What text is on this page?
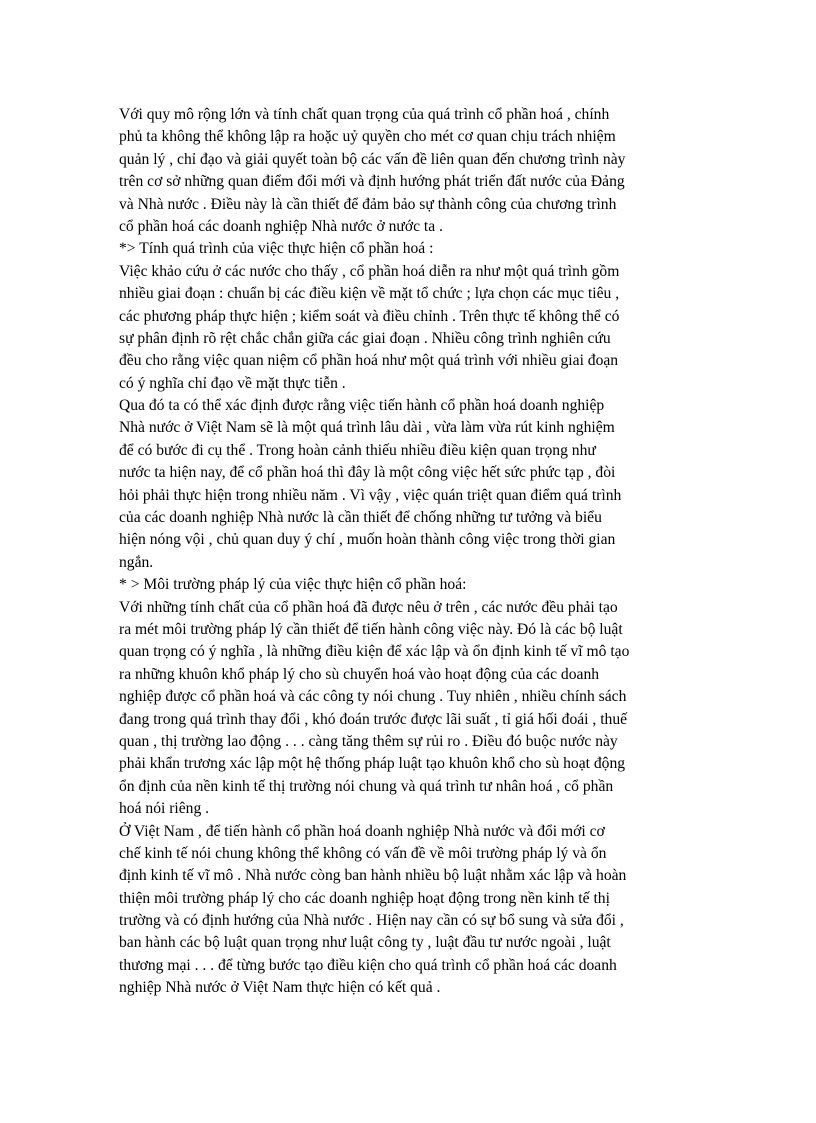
Với quy mô rộng lớn và tính chất quan trọng của quá trình cổ phần hoá , chính
phủ ta không thể không lập ra hoặc uỷ quyền cho mét cơ quan chịu trách nhiệm
quản lý , chỉ đạo và giải quyết toàn bộ các vấn đề liên quan đến chương trình này
trên cơ sở những quan điểm đổi mới và định hướng phát triển đất nước của Đảng
và Nhà nước . Điều này là cần thiết để đảm bảo sự thành công của chương trình
cổ phần hoá các doanh nghiệp Nhà nước ở nước ta .
*> Tính quá trình của việc thực hiện cổ phần hoá :
Việc khảo cứu ở các nước cho thấy , cổ phần hoá diễn ra như một quá trình gồm
nhiều giai đoạn : chuẩn bị các điều kiện về mặt tổ chức ; lựa chọn các mục tiêu ,
các phương pháp thực hiện ; kiểm soát và điều chỉnh . Trên thực tế không thể có
sự phân định rõ rệt chắc chắn giữa các giai đoạn . Nhiều công trình nghiên cứu
đều cho rằng việc quan niệm cổ phần hoá như một quá trình với nhiều giai đoạn
có ý nghĩa chỉ đạo về mặt thực tiễn .
Qua đó ta có thể xác định được rằng việc tiến hành cổ phần hoá doanh nghiệp
Nhà nước ở Việt Nam sẽ là một quá trình lâu dài , vừa làm vừa rút kinh nghiệm
để có bước đi cụ thể . Trong hoàn cảnh thiếu nhiều điều kiện quan trọng như
nước ta hiện nay, để cổ phần hoá thì đây là một công việc hết sức phức tạp , đòi
hỏi phải thực hiện trong nhiều năm . Vì vậy , việc quán triệt quan điểm quá trình
của các doanh nghiệp Nhà nước là cần thiết để chống những tư tưởng và biểu
hiện nóng vội , chủ quan duy ý chí , muốn hoàn thành công việc trong thời gian
ngắn.
* > Môi trường pháp lý của việc thực hiện cổ phần hoá:
Với những tính chất của cổ phần hoá đã được nêu ở trên , các nước đều phải tạo
ra mét môi trường pháp lý cần thiết để tiến hành công việc này. Đó là các bộ luật
quan trọng có ý nghĩa , là những điều kiện để xác lập và ổn định kinh tế vĩ mô tạo
ra những khuôn khổ pháp lý cho sù chuyển hoá vào hoạt động của các doanh
nghiệp được cổ phần hoá và các công ty nói chung . Tuy nhiên , nhiều chính sách
đang trong quá trình thay đổi , khó đoán trước được lãi suất , tỉ giá hối đoái , thuế
quan , thị trường lao động . . . càng tăng thêm sự rủi ro . Điều đó buộc nước này
phải khẩn trương xác lập một hệ thống pháp luật tạo khuôn khổ cho sù hoạt động
ổn định của nền kinh tế thị trường nói chung và quá trình tư nhân hoá , cổ phần
hoá nói riêng .
Ở Việt Nam , để tiến hành cổ phần hoá doanh nghiệp Nhà nước và đổi mới cơ
chế kinh tế nói chung không thể không có vấn đề về môi trường pháp lý và ổn
định kinh tế vĩ mô . Nhà nước còng ban hành nhiều bộ luật nhằm xác lập và hoàn
thiện môi trường pháp lý cho các doanh nghiệp hoạt động trong nền kinh tế thị
trường và có định hướng của Nhà nước . Hiện nay cần có sự bổ sung và sửa đổi ,
ban hành các bộ luật quan trọng như luật công ty , luật đầu tư nước ngoài , luật
thương mại . . . để từng bước tạo điều kiện cho quá trình cổ phần hoá các doanh
nghiệp Nhà nước ở Việt Nam thực hiện có kết quả .
